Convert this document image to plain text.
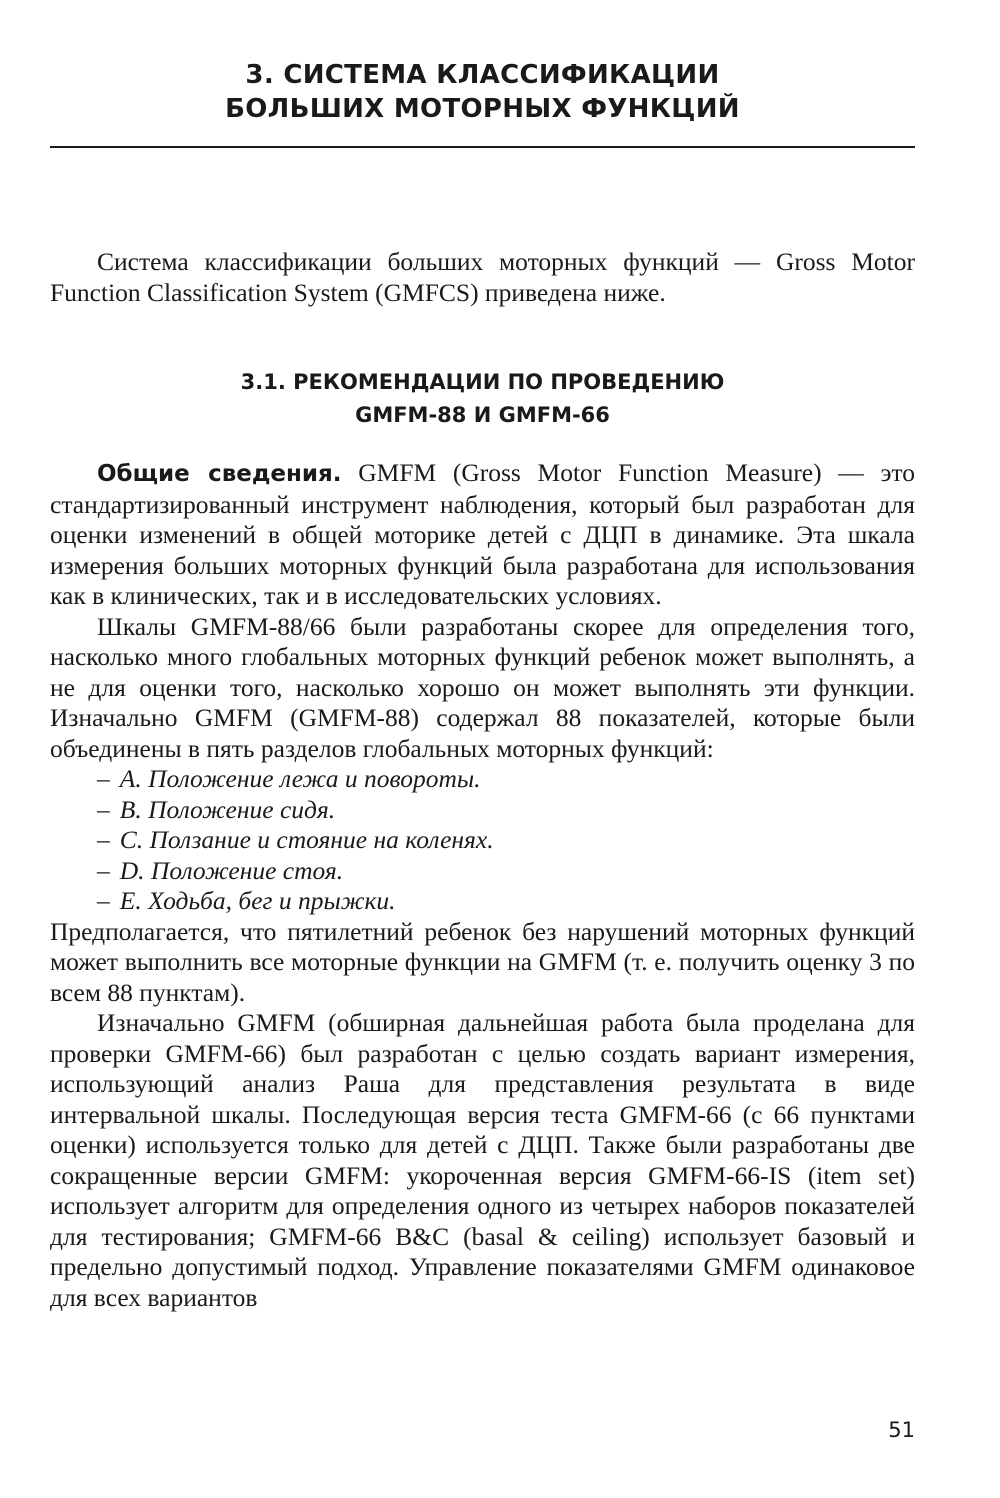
3. СИСТЕМА КЛАССИФИКАЦИИ
БОЛЬШИХ МОТОРНЫХ ФУНКЦИЙ

Система классификации больших моторных функций — Gross Motor Function Classification System (GMFCS) приведена ниже.

3.1. РЕКОМЕНДАЦИИ ПО ПРОВЕДЕНИЮ
GMFM-88 И GMFM-66

Общие сведения. GMFM (Gross Motor Function Measure) — это стандартизированный инструмент наблюдения, который был разработан для оценки изменений в общей моторике детей с ДЦП в динамике. Эта шкала измерения больших моторных функций была разработана для использования как в клинических, так и в исследовательских условиях.

Шкалы GMFM-88/66 были разработаны скорее для определения того, насколько много глобальных моторных функций ребенок может выполнять, а не для оценки того, насколько хорошо он может выполнять эти функции. Изначально GMFM (GMFM-88) содержал 88 показателей, которые были объединены в пять разделов глобальных моторных функций:

– A. Положение лежа и повороты.
– B. Положение сидя.
– C. Ползание и стояние на коленях.
– D. Положение стоя.
– E. Ходьба, бег и прыжки.

Предполагается, что пятилетний ребенок без нарушений моторных функций может выполнить все моторные функции на GMFM (т. е. получить оценку 3 по всем 88 пунктам).

Изначально GMFM (обширная дальнейшая работа была проделана для проверки GMFM-66) был разработан с целью создать вариант измерения, использующий анализ Раша для представления результата в виде интервальной шкалы. Последующая версия теста GMFM-66 (с 66 пунктами оценки) используется только для детей с ДЦП. Также были разработаны две сокращенные версии GMFM: укороченная версия GMFM-66-IS (item set) использует алгоритм для определения одного из четырех наборов показателей для тестирования; GMFM-66 B&C (basal & ceiling) использует базовый и предельно допустимый подход. Управление показателями GMFM одинаковое для всех вариантов

51
